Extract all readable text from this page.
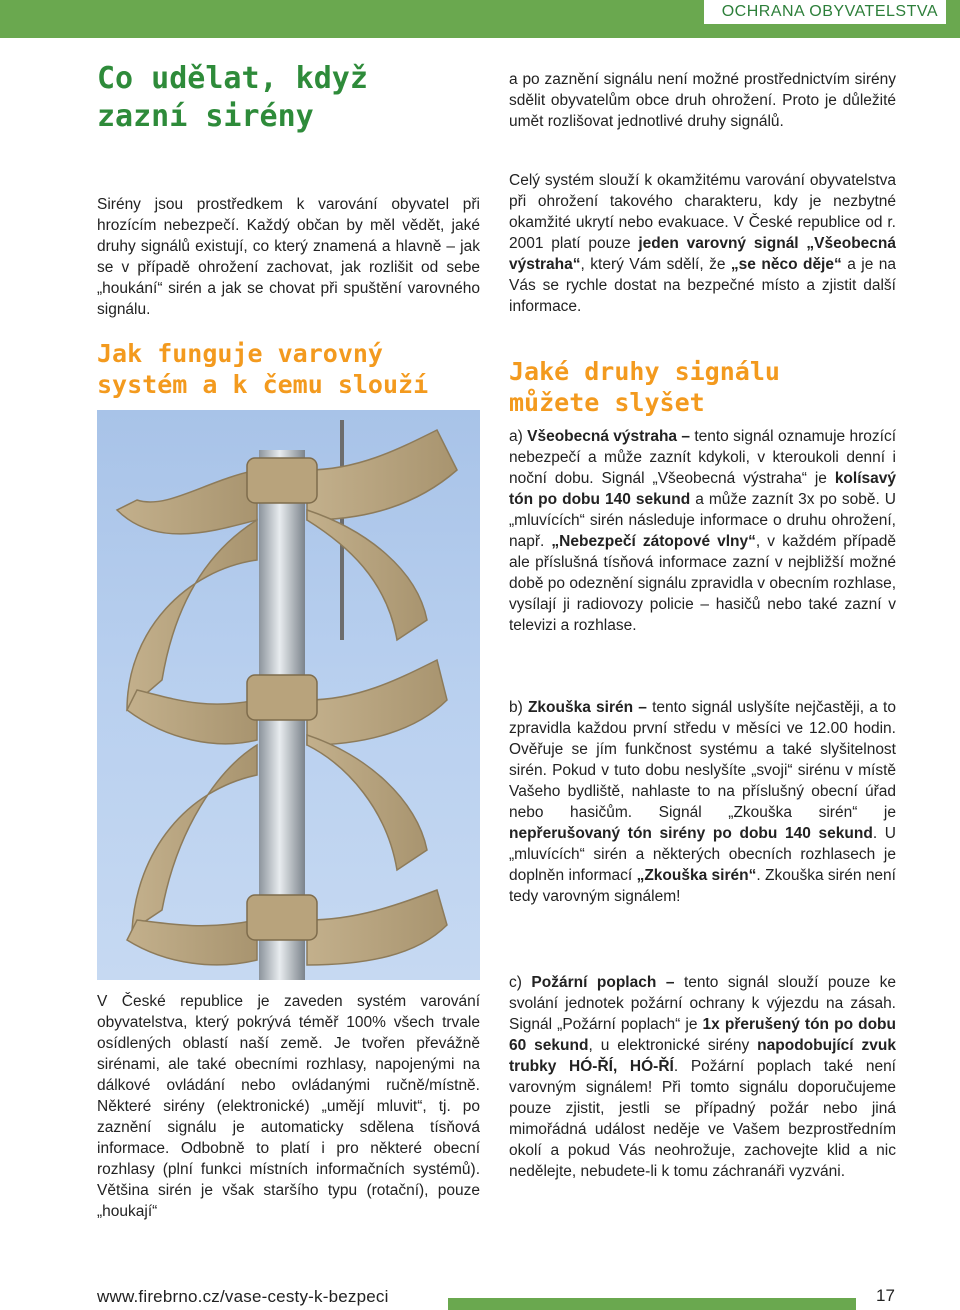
OCHRANA OBYVATELSTVA
Co udělat, když
zazní sirény

Sirény jsou prostředkem k varování obyvatel při hrozícím nebezpečí. Každý občan by měl vědět, jaké druhy signálů existují, co který znamená a hlavně – jak se v případě ohrožení zachovat, jak rozlišit od sebe „houkání“ sirén a jak se chovat při spuštění varovného signálu.

Jak funguje varovný
systém a k čemu slouží

V České republice je zaveden systém varování obyvatelstva, který pokrývá téměř 100% všech trvale osídlených oblastí naší země. Je tvořen převážně sirénami, ale také obecními rozhlasy, napojenými na dálkové ovládání nebo ovládanými ručně/místně. Některé sirény (elektronické) „umějí mluvit“, tj. po zaznění signálu je automaticky sdělena tísňová informace. Odbobně to platí i pro některé obecní rozhlasy (plní funkci místních informačních systémů). Většina sirén je však staršího typu (rotační), pouze „houkají“

a po zaznění signálu není možné prostřednictvím sirény sdělit obyvatelům obce druh ohrožení. Proto je důležité umět rozlišovat jednotlivé druhy signálů.

Celý systém slouží k okamžitému varování obyvatelstva při ohrožení takového charakteru, kdy je nezbytné okamžité ukrytí nebo evakuace. V České republice od r. 2001 platí pouze jeden varovný signál „Všeobecná výstraha“, který Vám sdělí, že „se něco děje“ a je na Vás se rychle dostat na bezpečné místo a zjistit další informace.

Jaké druhy signálu
můžete slyšet

a) Všeobecná výstraha – tento signál oznamuje hrozící nebezpečí a může zaznít kdykoli, v kteroukoli denní i noční dobu. Signál „Všeobecná výstraha“ je kolísavý tón po dobu 140 sekund a může zaznít 3x po sobě. U „mluvících“ sirén následuje informace o druhu ohrožení, např. „Nebezpečí zátopové vlny“, v každém případě ale příslušná tísňová informace zazní v nejbližší možné době po odeznění signálu zpravidla v obecním rozhlase, vysílají ji radiovozy policie – hasičů nebo také zazní v televizi a rozhlase.

b) Zkouška sirén – tento signál uslyšíte nejčastěji, a to zpravidla každou první středu v měsíci ve 12.00 hodin. Ověřuje se jím funkčnost systému a také slyšitelnost sirén. Pokud v tuto dobu neslyšíte „svoji“ sirénu v místě Vašeho bydliště, nahlaste to na příslušný obecní úřad nebo hasičům. Signál „Zkouška sirén“ je nepřerušovaný tón sirény po dobu 140 sekund. U „mluvících“ sirén a některých obecních rozhlasech je doplněn informací „Zkouška sirén“. Zkouška sirén není tedy varovným signálem!

c) Požární poplach – tento signál slouží pouze ke svolání jednotek požární ochrany k výjezdu na zásah. Signál „Požární poplach“ je 1x přerušený tón po dobu 60 sekund, u elektronické sirény napodobující zvuk trubky HÓ-ŘÍ, HÓ-ŘÍ. Požární poplach také není varovným signálem! Při tomto signálu doporučujeme pouze zjistit, jestli se případný požár nebo jiná mimořádná událost neděje ve Vašem bezprostředním okolí a pokud Vás neohrožuje, zachovejte klid a nic nedělejte, nebudete-li k tomu záchranáři vyzváni.

www.firebrno.cz/vase-cesty-k-bezpeci	17
